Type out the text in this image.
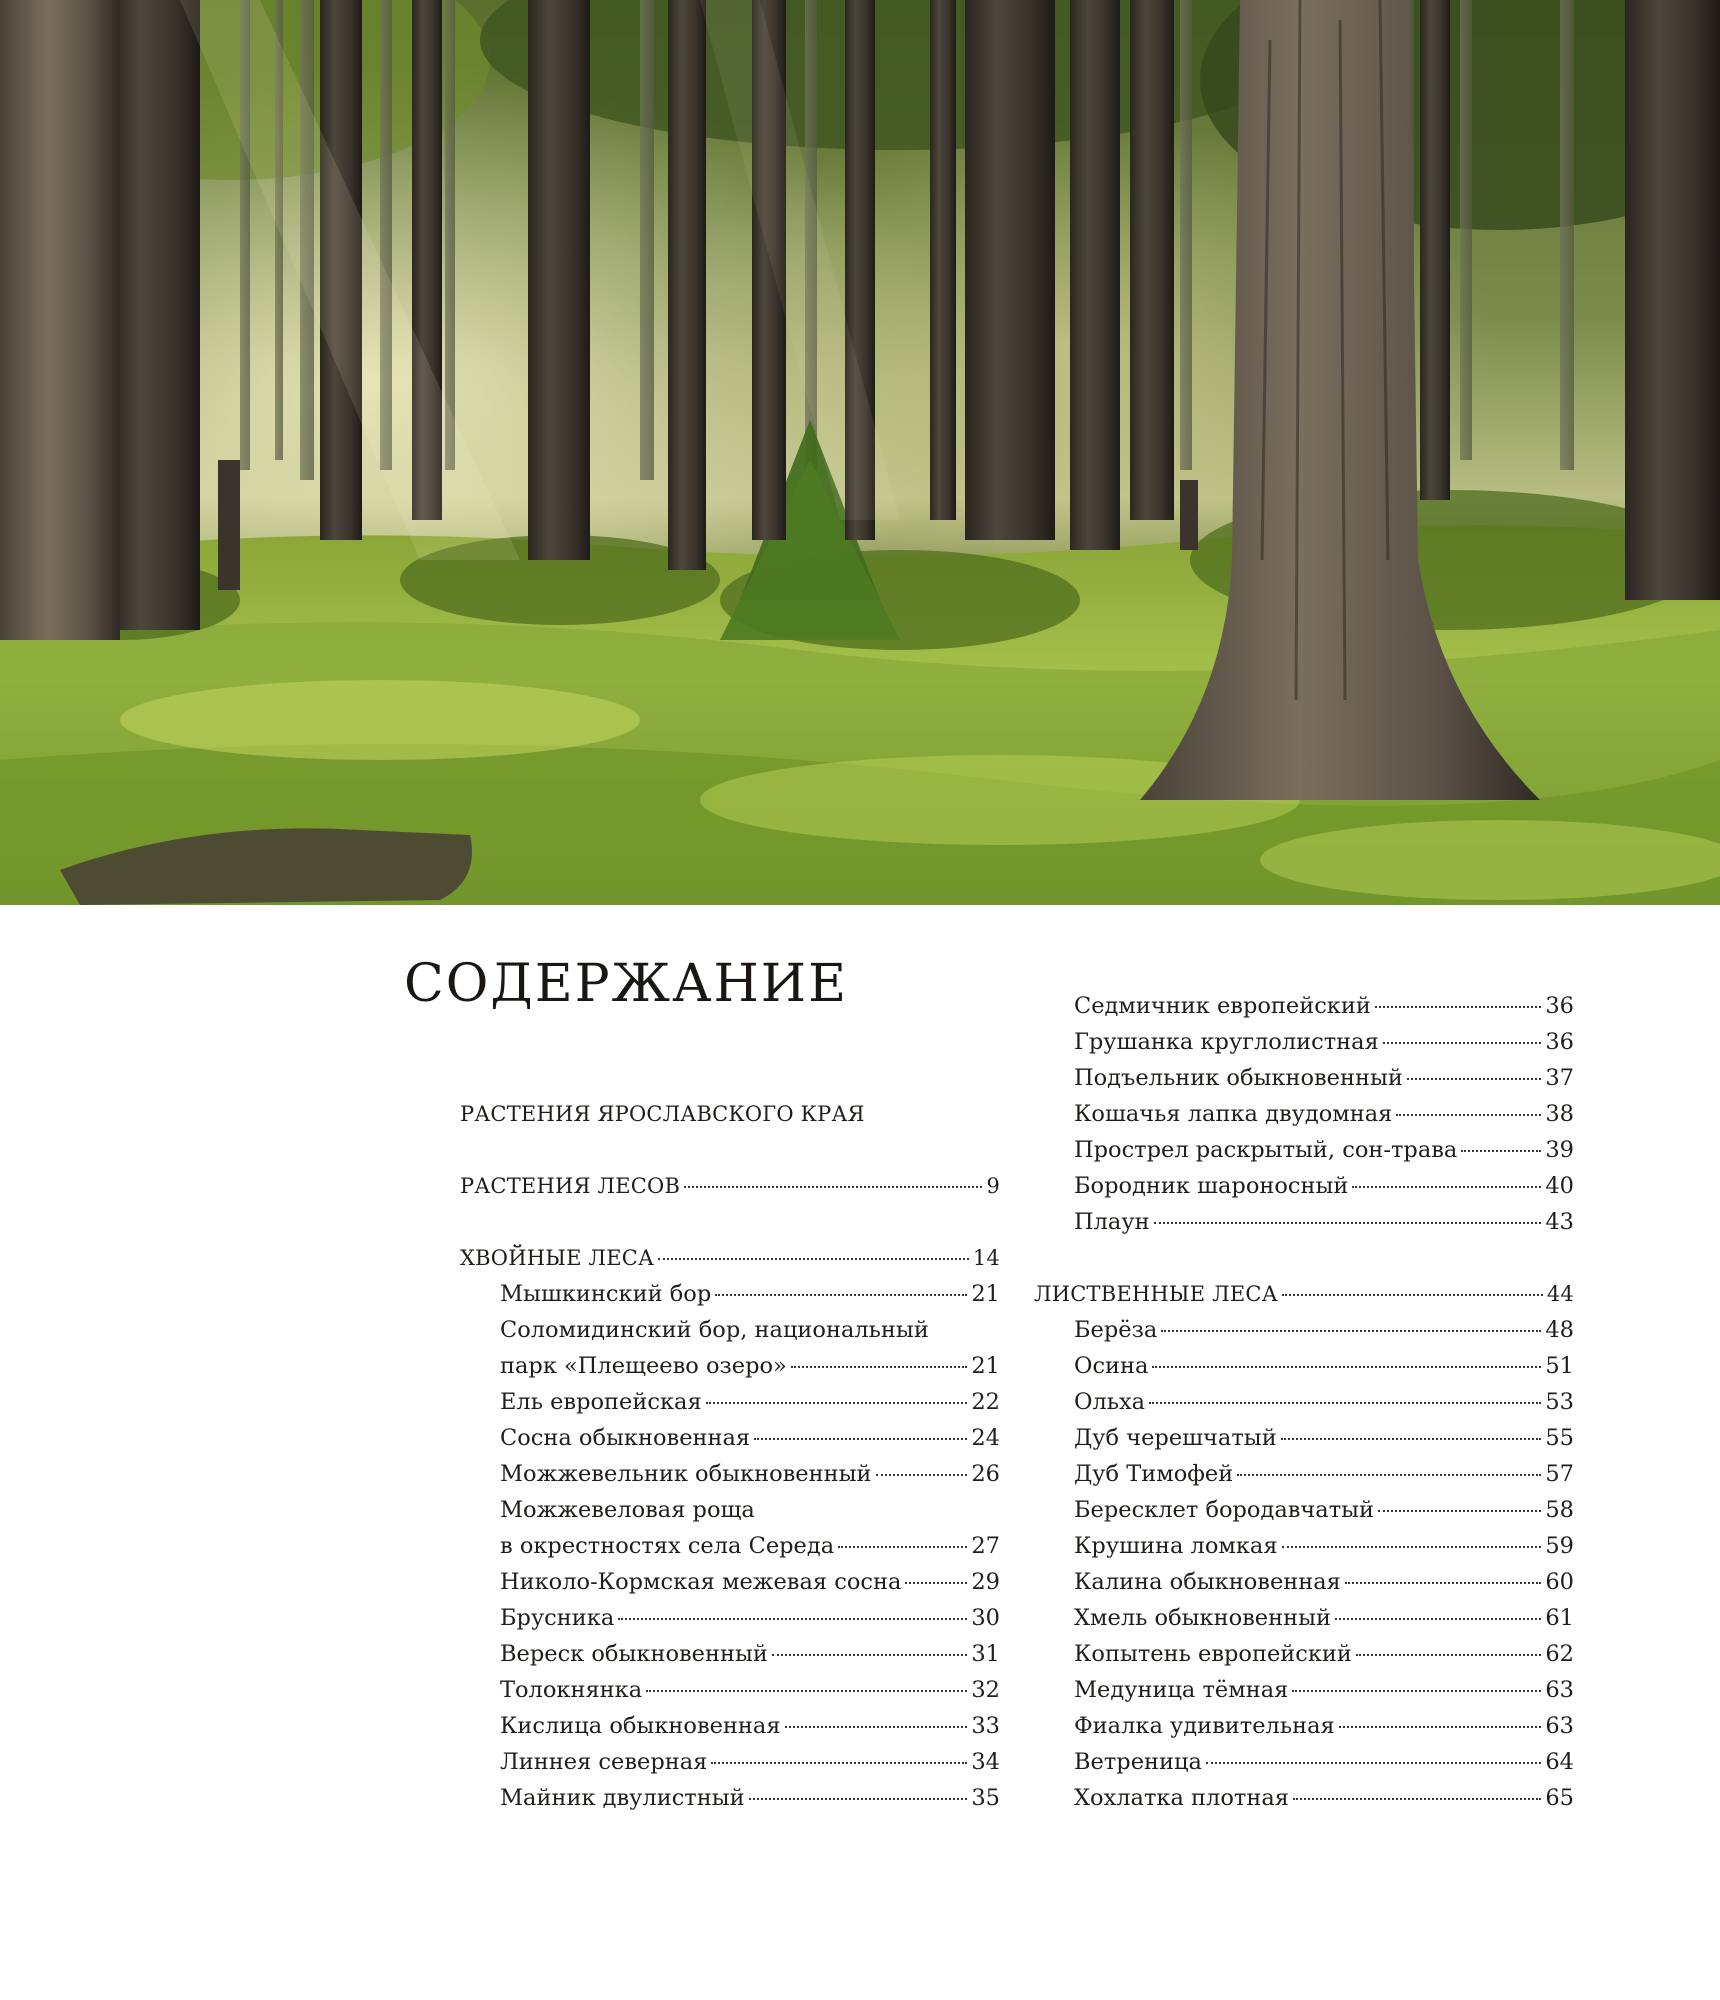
СОДЕРЖАНИЕ
РАСТЕНИЯ ЯРОСЛАВСКОГО КРАЯ
РАСТЕНИЯ ЛЕСОВ	9
ХВОЙНЫЕ ЛЕСА	14
Мышкинский бор	21
Соломидинский бор, национальный
парк «Плещеево озеро»	21
Ель европейская	22
Сосна обыкновенная	24
Можжевельник обыкновенный	26
Можжевеловая роща
в окрестностях села Середа	27
Николо-Кормская межевая сосна	29
Брусника	30
Вереск обыкновенный	31
Толокнянка	32
Кислица обыкновенная	33
Линнея северная	34
Майник двулистный	35
Седмичник европейский	36
Грушанка круглолистная	36
Подъельник обыкновенный	37
Кошачья лапка двудомная	38
Прострел раскрытый, сон-трава	39
Бородник шароносный	40
Плаун	43
ЛИСТВЕННЫЕ ЛЕСА	44
Берёза	48
Осина	51
Ольха	53
Дуб черешчатый	55
Дуб Тимофей	57
Бересклет бородавчатый	58
Крушина ломкая	59
Калина обыкновенная	60
Хмель обыкновенный	61
Копытень европейский	62
Медуница тёмная	63
Фиалка удивительная	63
Ветреница	64
Хохлатка плотная	65
